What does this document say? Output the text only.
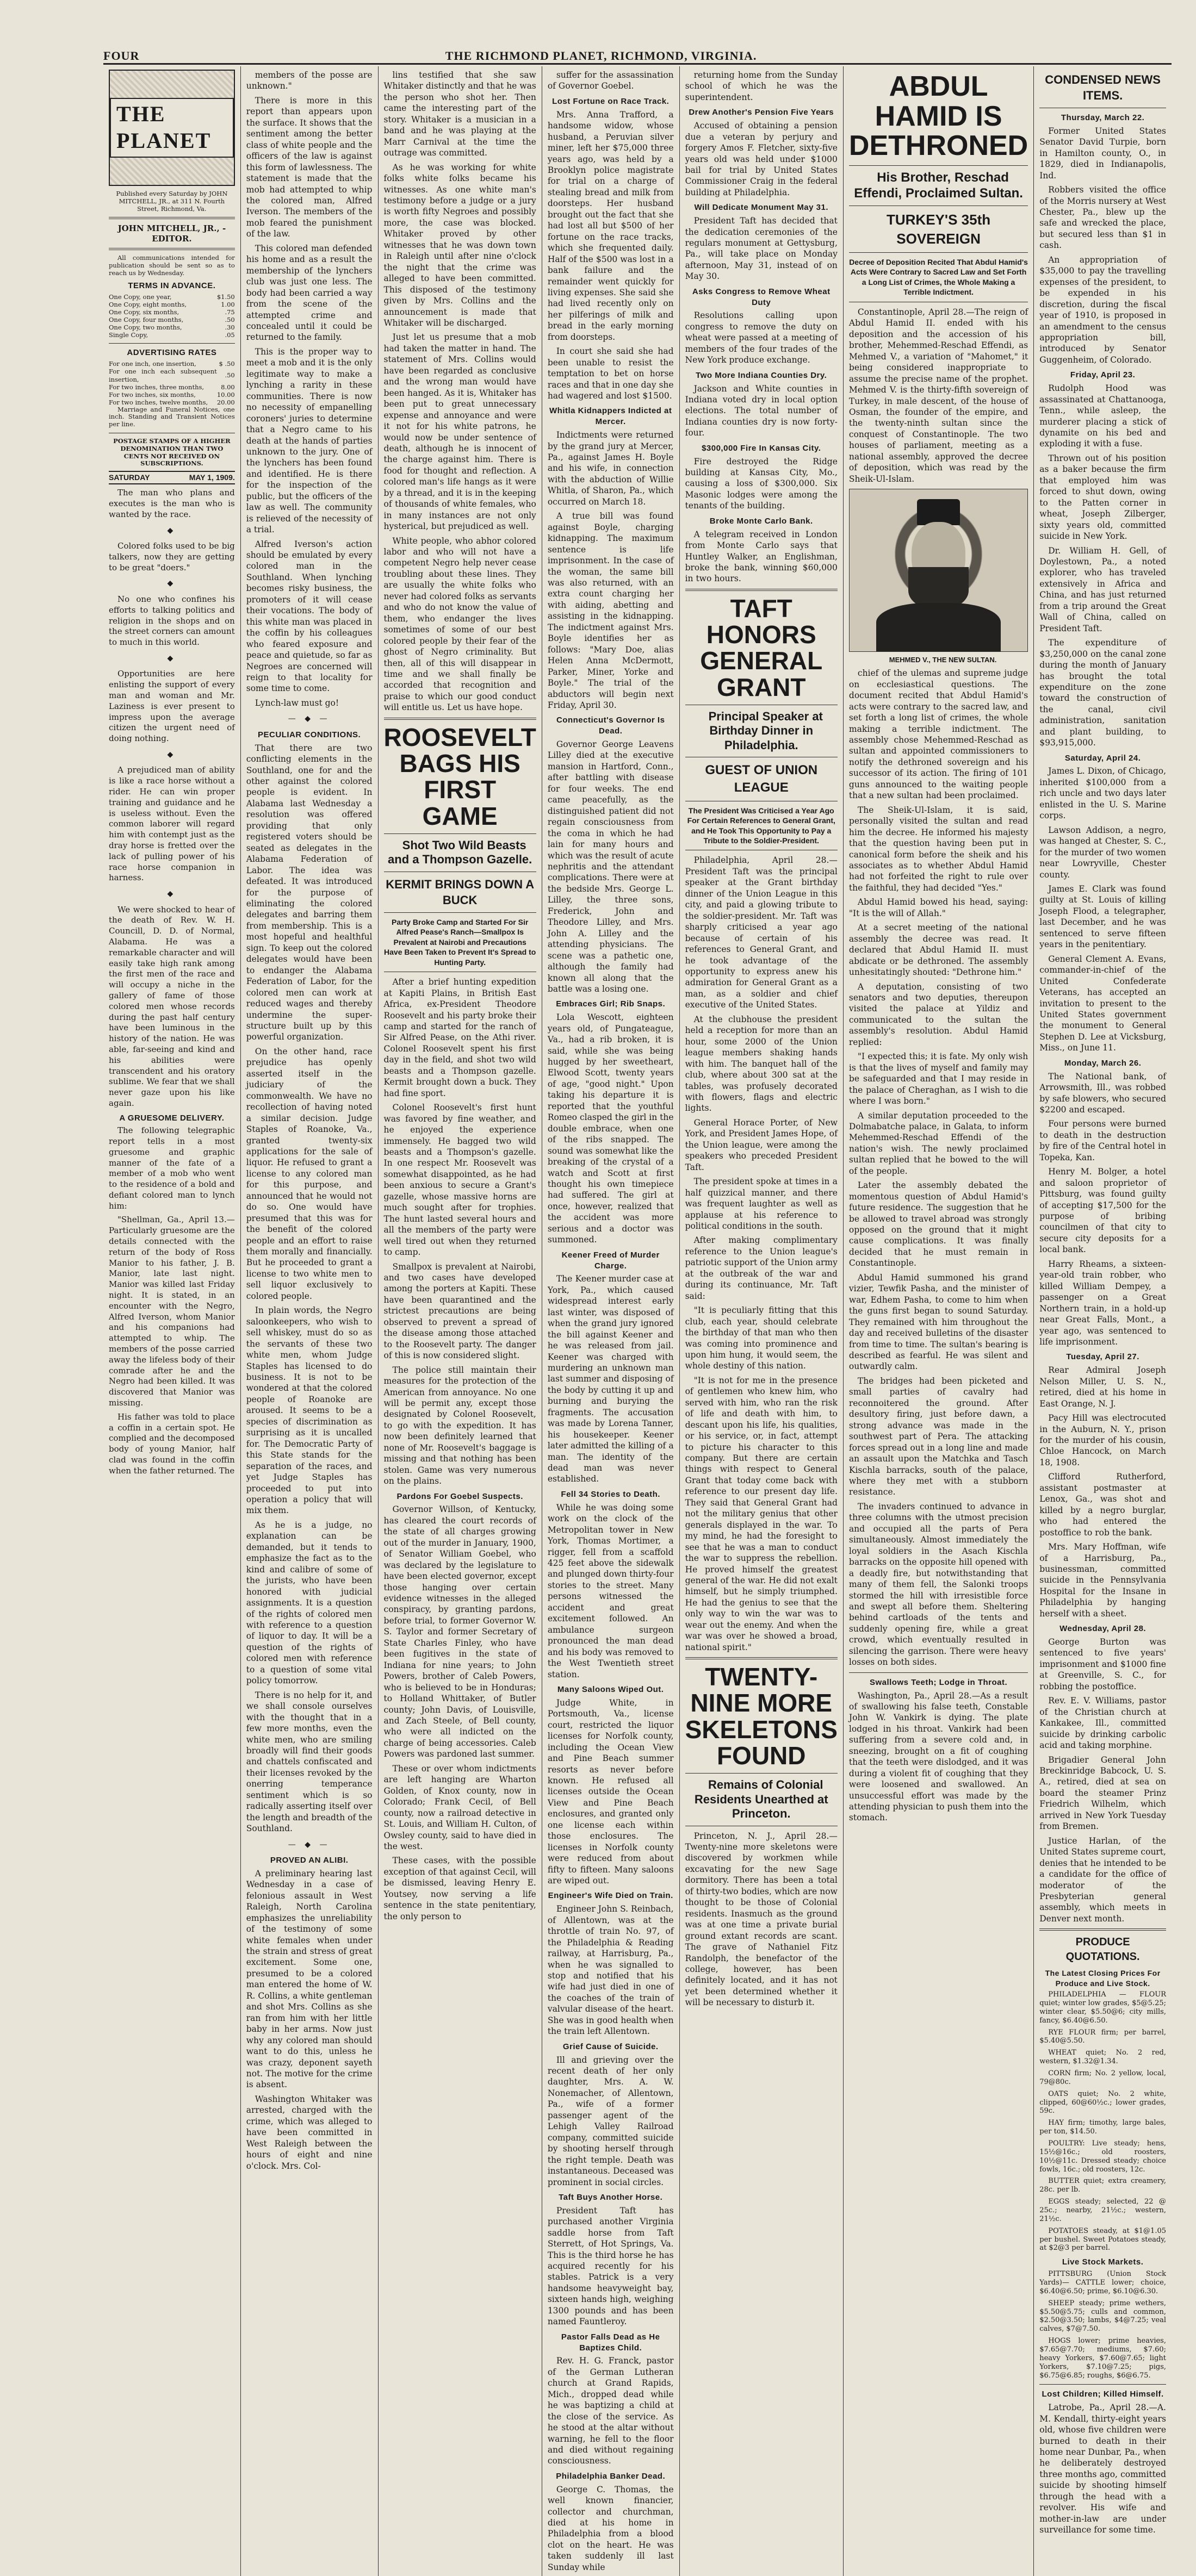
FOUR	THE RICHMOND PLANET, RICHMOND, VIRGINIA.
THE PLANET

Published every Saturday by JOHN MITCHELL, JR., at 311 N. Fourth Street, Richmond, Va.

JOHN MITCHELL, JR., - EDITOR.

All communications intended for publication should be sent so as to reach us by Wednesday.

TERMS IN ADVANCE.

One Copy, one year,	$1.50
One Copy, eight months,	1.00
One Copy, six months,	.75
One Copy, four months,	.50
One Copy, two months,	.30
Single Copy,	.05

ADVERTISING RATES

For one inch, one insertion,	$ .50
For one inch each subsequent insertion,	.50
For two inches, three months,	8.00
For two inches, six months,	10.00
For two inches, twelve months,	20.00

Marriage and Funeral Notices, one inch. Standing and Transient Notices per line.

POSTAGE STAMPS OF A HIGHER DENOMINATION THAN TWO CENTS NOT RECEIVED ON SUBSCRIPTIONS.

SATURDAY	MAY 1, 1909.

The man who plans and executes is the man who is wanted by the race.

◆

Colored folks used to be big talkers, now they are getting to be great "doers."

◆

No one who confines his efforts to talking politics and religion in the shops and on the street corners can amount to much in this world.

◆

Opportunities are here enlisting the support of every man and woman and Mr. Laziness is ever present to impress upon the average citizen the urgent need of doing nothing.

◆

A prejudiced man of ability is like a race horse without a rider. He can win proper training and guidance and he is useless without. Even the common laborer will regard him with contempt just as the dray horse is fretted over the lack of pulling power of his race horse companion in harness.

◆

We were shocked to hear of the death of Rev. W. H. Councill, D. D. of Normal, Alabama. He was a remarkable character and will easily take high rank among the first men of the race and will occupy a niche in the gallery of fame of those colored men whose records during the past half century have been luminous in the history of the nation. He was able, far-seeing and kind and his abilities were transcendent and his oratory sublime. We fear that we shall never gaze upon his like again.

A GRUESOME DELIVERY.

The following telegraphic report tells in a most gruesome and graphic manner of the fate of a member of a mob who went to the residence of a bold and defiant colored man to lynch him:

"Shellman, Ga., April 13.—Particularly gruesome are the details connected with the return of the body of Ross Manior to his father, J. B. Manior, late last night. Manior was killed last Friday night. It is stated, in an encounter with the Negro, Alfred Iverson, whom Manior and his companions had attempted to whip. The members of the posse carried away the lifeless body of their comrade after he and the Negro had been killed. It was discovered that Manior was missing.

His father was told to place a coffin in a certain spot. He complied and the decomposed body of young Manior, half clad was found in the coffin when the father returned. The

members of the posse are unknown."

There is more in this report than appears upon the surface. It shows that the sentiment among the better class of white people and the officers of the law is against this form of lawlessness. The statement is made that the mob had attempted to whip the colored man, Alfred Iverson. The members of the mob feared the punishment of the law.

This colored man defended his home and as a result the membership of the lynchers club was just one less. The body had been carried a way from the scene of the attempted crime and concealed until it could be returned to the family.

This is the proper way to meet a mob and it is the only legitimate way to make a lynching a rarity in these communities. There is now no necessity of empanelling coroners' juries to determine that a Negro came to his death at the hands of parties unknown to the jury. One of the lynchers has been found and identified. He is there for the inspection of the public, but the officers of the law as well. The community is relieved of the necessity of a trial.

Alfred Iverson's action should be emulated by every colored man in the Southland. When lynching becomes risky business, the promoters of it will cease their vocations. The body of this white man was placed in the coffin by his colleagues who feared exposure and peace and quietude, so far as Negroes are concerned will reign to that locality for some time to come.

Lynch-law must go!

— ◆ —

PECULIAR CONDITIONS.

That there are two conflicting elements in the Southland, one for and the other against the colored people is evident. In Alabama last Wednesday a resolution was offered providing that only registered voters should be seated as delegates in the Alabama Federation of Labor. The idea was defeated. It was introduced for the purpose of eliminating the colored delegates and barring them from membership. This is a most hopeful and healthful sign. To keep out the colored delegates would have been to endanger the Alabama Federation of Labor, for the colored men can work at reduced wages and thereby undermine the super-structure built up by this powerful organization.

On the other hand, race prejudice has openly asserted itself in the judiciary of the commonwealth. We have no recollection of having noted a similar decision. Judge Staples of Roanoke, Va., granted twenty-six applications for the sale of liquor. He refused to grant a license to any colored man for this purpose, and announced that he would not do so. One would have presumed that this was for the benefit of the colored people and an effort to raise them morally and financially. But he proceeded to grant a license to two white men to sell liquor exclusively to colored people.

In plain words, the Negro saloonkeepers, who wish to sell whiskey, must do so as the servants of these two white men, whom Judge Staples has licensed to do business. It is not to be wondered at that the colored people of Roanoke are aroused. It seems to be a species of discrimination as surprising as it is uncalled for. The Democratic Party of this State stands for the separation of the races, and yet Judge Staples has proceeded to put into operation a policy that will mix them.

As he is a judge, no explanation can be demanded, but it tends to emphasize the fact as to the kind and calibre of some of the jurists, who have been honored with judicial assignments. It is a question of the rights of colored men with reference to a question of liquor to day. It will be a question of the rights of colored men with reference to a question of some vital policy tomorrow.

There is no help for it, and we shall console ourselves with the thought that in a few more months, even the white men, who are smiling broadly will find their goods and chattels confiscated and their licenses revoked by the onerring temperance sentiment which is so radically asserting itself over the length and breadth of the Southland.

— ◆ —

PROVED AN ALIBI.

A preliminary hearing last Wednesday in a case of felonious assault in West Raleigh, North Carolina emphasizes the unreliability of the testimony of some white females when under the strain and stress of great excitement. Some one, presumed to be a colored man entered the home of W. R. Collins, a white gentleman and shot Mrs. Collins as she ran from him with her little baby in her arms. Now just why any colored man should want to do this, unless he was crazy, deponent sayeth not. The motive for the crime is absent.

Washington Whitaker was arrested, charged with the crime, which was alleged to have been committed in West Raleigh between the hours of eight and nine o'clock. Mrs. Col-

lins testified that she saw Whitaker distinctly and that he was the person who shot her. Then came the interesting part of the story. Whitaker is a musician in a band and he was playing at the Marr Carnival at the time the outrage was committed.

As he was working for white folks white folks became his witnesses. As one white man's testimony before a judge or a jury is worth fifty Negroes and possibly more, the case was blocked. Whitaker proved by other witnesses that he was down town in Raleigh until after nine o'clock the night that the crime was alleged to have been committed. This disposed of the testimony given by Mrs. Collins and the announcement is made that Whitaker will be discharged.

Just let us presume that a mob had taken the matter in hand. The statement of Mrs. Collins would have been regarded as conclusive and the wrong man would have been hanged. As it is, Whitaker has been put to great unnecessary expense and annoyance and were it not for his white patrons, he would now be under sentence of death, although he is innocent of the charge against him. There is food for thought and reflection. A colored man's life hangs as it were by a thread, and it is in the keeping of thousands of white females, who in many instances are not only hysterical, but prejudiced as well.

White people, who abhor colored labor and who will not have a competent Negro help never cease troubling about these lines. They are usually the white folks who never had colored folks as servants and who do not know the value of them, who endanger the lives sometimes of some of our best colored people by their fear of the ghost of Negro criminality. But then, all of this will disappear in time and we shall finally be accorded that recognition and praise to which our good conduct will entitle us. Let us have hope.

ROOSEVELT BAGS HIS FIRST GAME

Shot Two Wild Beasts and a Thompson Gazelle.

KERMIT BRINGS DOWN A BUCK

Party Broke Camp and Started For Sir Alfred Pease's Ranch—Smallpox Is Prevalent at Nairobi and Precautions Have Been Taken to Prevent It's Spread to Hunting Party.

After a brief hunting expedition at Kapiti Plains, in British East Africa, ex-President Theodore Roosevelt and his party broke their camp and started for the ranch of Sir Alfred Pease, on the Athi river. Colonel Roosevelt spent his first day in the field, and shot two wild beasts and a Thompson gazelle. Kermit brought down a buck. They had fine sport.

Colonel Roosevelt's first hunt was favored by fine weather, and he enjoyed the experience immensely. He bagged two wild beasts and a Thompson's gazelle. In one respect Mr. Roosevelt was somewhat disappointed, as he had been anxious to secure a Grant's gazelle, whose massive horns are much sought after for trophies. The hunt lasted several hours and all the members of the party were well tired out when they returned to camp.

Smallpox is prevalent at Nairobi, and two cases have developed among the porters at Kapiti. These have been quarantined and the strictest precautions are being observed to prevent a spread of the disease among those attached to the Roosevelt party. The danger of this is now considered slight.

The police still maintain their measures for the protection of the American from annoyance. No one will be permit any, except those designated by Colonel Roosevelt, to go with the expedition. It has now been definitely learned that none of Mr. Roosevelt's baggage is missing and that nothing has been stolen. Game was very numerous on the plains.

Pardons For Goebel Suspects.

Governor Willson, of Kentucky, has cleared the court records of the state of all charges growing out of the murder in January, 1900, of Senator William Goebel, who was declared by the legislature to have been elected governor, except those hanging over certain evidence witnesses in the alleged conspiracy, by granting pardons, before trial, to former Governor W. S. Taylor and former Secretary of State Charles Finley, who have been fugitives in the state of Indiana for nine years; to John Powers, brother of Caleb Powers, who is believed to be in Honduras; to Holland Whittaker, of Butler county; John Davis, of Louisville, and Zach Steele, of Bell county, who were all indicted on the charge of being accessories. Caleb Powers was pardoned last summer.

These or over whom indictments are left hanging are Wharton Golden, of Knox county, now in Colorado; Frank Cecil, of Bell county, now a railroad detective in St. Louis, and William H. Culton, of Owsley county, said to have died in the west.

These cases, with the possible exception of that against Cecil, will be dismissed, leaving Henry E. Youtsey, now serving a life sentence in the state penitentiary, the only person to

suffer for the assassination of Governor Goebel.

Lost Fortune on Race Track.

Mrs. Anna Trafford, a handsome widow, whose husband, a Peruvian silver miner, left her $75,000 three years ago, was held by a Brooklyn police magistrate for trial on a charge of stealing bread and milk from doorsteps. Her husband brought out the fact that she had lost all but $500 of her fortune on the race tracks, which she frequented daily. Half of the $500 was lost in a bank failure and the remainder went quickly for living expenses. She said she had lived recently only on her pilferings of milk and bread in the early morning from doorsteps.

In court she said she had been unable to resist the temptation to bet on horse races and that in one day she had wagered and lost $1500.

Whitla Kidnappers Indicted at Mercer.

Indictments were returned by the grand jury at Mercer, Pa., against James H. Boyle and his wife, in connection with the abduction of Willie Whitla, of Sharon, Pa., which occurred on March 18.

A true bill was found against Boyle, charging kidnapping. The maximum sentence is life imprisonment. In the case of the woman, the same bill was also returned, with an extra count charging her with aiding, abetting and assisting in the kidnapping. The indictment against Mrs. Boyle identifies her as follows: "Mary Doe, alias Helen Anna McDermott, Parker, Miner, Yorke and Boyle." The trial of the abductors will begin next Friday, April 30.

Connecticut's Governor Is Dead.

Governor George Leavens Lilley died at the executive mansion in Hartford, Conn., after battling with disease for four weeks. The end came peacefully, as the distinguished patient did not regain consciousness from the coma in which he had lain for many hours and which was the result of acute nephritis and the attendant complications. There were at the bedside Mrs. George L. Lilley, the three sons, Frederick, John and Theodore Lilley, and Mrs. John A. Lilley and the attending physicians. The scene was a pathetic one, although the family had known all along that the battle was a losing one.

Embraces Girl; Rib Snaps.

Lola Wescott, eighteen years old, of Pungateague, Va., had a rib broken, it is said, while she was being hugged by her sweetheart, Elwood Scott, twenty years of age, "good night." Upon taking his departure it is reported that the youthful Romeo clasped the girl in the double embrace, when one of the ribs snapped. The sound was somewhat like the breaking of the crystal of a watch and Scott at first thought his own timepiece had suffered. The girl at once, however, realized that the accident was more serious and a doctor was summoned.

Keener Freed of Murder Charge.

The Keener murder case at York, Pa., which caused widespread interest early last winter, was disposed of when the grand jury ignored the bill against Keener and he was released from jail. Keener was charged with murdering an unknown man last summer and disposing of the body by cutting it up and burning and burying the fragments. The accusation was made by Lorena Tanner, his housekeeper. Keener later admitted the killing of a man. The identity of the dead man was never established.

Fell 34 Stories to Death.

While he was doing some work on the clock of the Metropolitan tower in New York, Thomas Mortimer, a rigger, fell from a scaffold 425 feet above the sidewalk and plunged down thirty-four stories to the street. Many persons witnessed the accident and great excitement followed. An ambulance surgeon pronounced the man dead and his body was removed to the West Twentieth street station.

Many Saloons Wiped Out.

Judge White, in Portsmouth, Va., license court, restricted the liquor licenses for Norfolk county, including the Ocean View and Pine Beach summer resorts as never before known. He refused all licenses outside the Ocean View and Pine Beach enclosures, and granted only one license each within those enclosures. The licenses in Norfolk county were reduced from about fifty to fifteen. Many saloons are wiped out.

Engineer's Wife Died on Train.

Engineer John S. Reinbach, of Allentown, was at the throttle of train No. 97, of the Philadelphia & Reading railway, at Harrisburg, Pa., when he was signalled to stop and notified that his wife had just died in one of the coaches of the train of valvular disease of the heart. She was in good health when the train left Allentown.

Grief Cause of Suicide.

Ill and grieving over the recent death of her only daughter, Mrs. A. W. Nonemacher, of Allentown, Pa., wife of a former passenger agent of the Lehigh Valley Railroad company, committed suicide by shooting herself through the right temple. Death was instantaneous. Deceased was prominent in social circles.

Taft Buys Another Horse.

President Taft has purchased another Virginia saddle horse from Taft Sterrett, of Hot Springs, Va. This is the third horse he has acquired recently for his stables. Patrick is a very handsome heavyweight bay, sixteen hands high, weighing 1300 pounds and has been named Fauntleroy.

Pastor Falls Dead as He Baptizes Child.

Rev. H. G. Franck, pastor of the German Lutheran church at Grand Rapids, Mich., dropped dead while he was baptizing a child at the close of the service. As he stood at the altar without warning, he fell to the floor and died without regaining consciousness.

Philadelphia Banker Dead.

George C. Thomas, the well known financier, collector and churchman, died at his home in Philadelphia from a blood clot on the heart. He was taken suddenly ill last Sunday while

returning home from the Sunday school of which he was the superintendent.

Drew Another's Pension Five Years

Accused of obtaining a pension due a veteran by perjury and forgery Amos F. Fletcher, sixty-five years old was held under $1000 bail for trial by United States Commissioner Craig in the federal building at Philadelphia.

Will Dedicate Monument May 31.

President Taft has decided that the dedication ceremonies of the regulars monument at Gettysburg, Pa., will take place on Monday afternoon, May 31, instead of on May 30.

Asks Congress to Remove Wheat Duty

Resolutions calling upon congress to remove the duty on wheat were passed at a meeting of members of the four trades of the New York produce exchange.

Two More Indiana Counties Dry.

Jackson and White counties in Indiana voted dry in local option elections. The total number of Indiana counties dry is now forty-four.

$300,000 Fire In Kansas City.

Fire destroyed the Ridge building at Kansas City, Mo., causing a loss of $300,000. Six Masonic lodges were among the tenants of the building.

Broke Monte Carlo Bank.

A telegram received in London from Monte Carlo says that Huntley Walker, an Englishman, broke the bank, winning $60,000 in two hours.

TAFT HONORS GENERAL GRANT

Principal Speaker at Birthday Dinner in Philadelphia.

GUEST OF UNION LEAGUE

The President Was Criticised a Year Ago For Certain References to General Grant, and He Took This Opportunity to Pay a Tribute to the Soldier-President.

Philadelphia, April 28.—President Taft was the principal speaker at the Grant birthday dinner of the Union League in this city, and paid a glowing tribute to the soldier-president. Mr. Taft was sharply criticised a year ago because of certain of his references to General Grant, and he took advantage of the opportunity to express anew his admiration for General Grant as a man, as a soldier and chief executive of the United States.

At the clubhouse the president held a reception for more than an hour, some 2000 of the Union league members shaking hands with him. The banquet hall of the club, where about 300 sat at the tables, was profusely decorated with flowers, flags and electric lights.

General Horace Porter, of New York, and President James Hope, of the Union league, were among the speakers who preceded President Taft.

The president spoke at times in a half quizzical manner, and there was frequent laughter as well as applause at his reference to political conditions in the south.

After making complimentary reference to the Union league's patriotic support of the Union army at the outbreak of the war and during its continuance, Mr. Taft said:

"It is peculiarly fitting that this club, each year, should celebrate the birthday of that man who then was coming into prominence and upon him hung, it would seem, the whole destiny of this nation.

"It is not for me in the presence of gentlemen who knew him, who served with him, who ran the risk of life and death with him, to descant upon his life, his qualities, or his service, or, in fact, attempt to picture his character to this company. But there are certain things with respect to General Grant that today come back with reference to our present day life. They said that General Grant had not the military genius that other generals displayed in the war. To my mind, he had the foresight to see that he was a man to conduct the war to suppress the rebellion. He proved himself the greatest general of the war. He did not exalt himself, but he simply triumphed. He had the genius to see that the only way to win the war was to wear out the enemy. And when the war was over he showed a broad, national spirit."

TWENTY-NINE MORE SKELETONS FOUND

Remains of Colonial Residents Unearthed at Princeton.

Princeton, N. J., April 28.—Twenty-nine more skeletons were discovered by workmen while excavating for the new Sage dormitory. There has been a total of thirty-two bodies, which are now thought to be those of Colonial residents. Inasmuch as the ground was at one time a private burial ground extant records are scant. The grave of Nathaniel Fitz Randolph, the benefactor of the college, however, has been definitely located, and it has not yet been determined whether it will be necessary to disturb it.

ABDUL HAMID IS DETHRONED

His Brother, Reschad Effendi, Proclaimed Sultan.

TURKEY'S 35th SOVEREIGN

Decree of Deposition Recited That Abdul Hamid's Acts Were Contrary to Sacred Law and Set Forth a Long List of Crimes, the Whole Making a Terrible Indictment.

Constantinople, April 28.—The reign of Abdul Hamid II. ended with his deposition and the accession of his brother, Mehemmed-Reschad Effendi, as Mehmed V., a variation of "Mahomet," it being considered inappropriate to assume the precise name of the prophet. Mehmed V. is the thirty-fifth sovereign of Turkey, in male descent, of the house of Osman, the founder of the empire, and the twenty-ninth sultan since the conquest of Constantinople. The two houses of parliament, meeting as a national assembly, approved the decree of deposition, which was read by the Sheik-Ul-Islam.

MEHMED V., THE NEW SULTAN.

chief of the ulemas and supreme judge on ecclesiastical questions. The document recited that Abdul Hamid's acts were contrary to the sacred law, and set forth a long list of crimes, the whole making a terrible indictment. The assembly chose Mehemmed-Reschad as sultan and appointed commissioners to notify the dethroned sovereign and his successor of its action. The firing of 101 guns announced to the waiting people that a new sultan had been proclaimed.

The Sheik-Ul-Islam, it is said, personally visited the sultan and read him the decree. He informed his majesty that the question having been put in canonical form before the sheik and his associates as to whether Abdul Hamid had not forfeited the right to rule over the faithful, they had decided "Yes."

Abdul Hamid bowed his head, saying: "It is the will of Allah."

At a secret meeting of the national assembly the decree was read. It declared that Abdul Hamid II. must abdicate or be dethroned. The assembly unhesitatingly shouted: "Dethrone him."

A deputation, consisting of two senators and two deputies, thereupon visited the palace at Yildiz and communicated to the sultan the assembly's resolution. Abdul Hamid replied:

"I expected this; it is fate. My only wish is that the lives of myself and family may be safeguarded and that I may reside in the palace of Cheraghan, as I wish to die where I was born."

A similar deputation proceeded to the Dolmabatche palace, in Galata, to inform Mehemmed-Reschad Effendi of the nation's wish. The newly proclaimed sultan replied that he bowed to the will of the people.

Later the assembly debated the momentous question of Abdul Hamid's future residence. The suggestion that he be allowed to travel abroad was strongly opposed on the ground that it might cause complications. It was finally decided that he must remain in Constantinople.

Abdul Hamid summoned his grand vizier, Tewfik Pasha, and the minister of war, Edhem Pasha, to come to him when the guns first began to sound Saturday. They remained with him throughout the day and received bulletins of the disaster from time to time. The sultan's bearing is described as fearful. He was silent and outwardly calm.

The bridges had been picketed and small parties of cavalry had reconnoitered the ground. After desultory firing, just before dawn, a strong advance was made in the southwest part of Pera. The attacking forces spread out in a long line and made an assault upon the Matchka and Tasch Kischla barracks, south of the palace, where they met with a stubborn resistance.

The invaders continued to advance in three columns with the utmost precision and occupied all the parts of Pera simultaneously. Almost immediately the loyal soldiers in the Asach Kischla barracks on the opposite hill opened with a deadly fire, but notwithstanding that many of them fell, the Salonki troops stormed the hill with irresistible force and swept all before them. Sheltering behind cartloads of the tents and suddenly opening fire, while a great crowd, which eventually resulted in silencing the garrison. There were heavy losses on both sides.

Swallows Teeth; Lodge in Throat.

Washington, Pa., April 28.—As a result of swallowing his false teeth, Constable John W. Vankirk is dying. The plate lodged in his throat. Vankirk had been suffering from a severe cold and, in sneezing, brought on a fit of coughing that the teeth were dislodged, and it was during a violent fit of coughing that they were loosened and swallowed. An unsuccessful effort was made by the attending physician to push them into the stomach.

CONDENSED NEWS ITEMS.

Thursday, March 22.

Former United States Senator David Turpie, born in Hamilton county, O., in 1829, died in Indianapolis, Ind.

Robbers visited the office of the Morris nursery at West Chester, Pa., blew up the safe and wrecked the place, but secured less than $1 in cash.

An appropriation of $35,000 to pay the travelling expenses of the president, to be expended in his discretion, during the fiscal year of 1910, is proposed in an amendment to the census appropriation bill, introduced by Senator Guggenheim, of Colorado.

Friday, April 23.

Rudolph Hood was assassinated at Chattanooga, Tenn., while asleep, the murderer placing a stick of dynamite on his bed and exploding it with a fuse.

Thrown out of his position as a baker because the firm that employed him was forced to shut down, owing to the Patten corner in wheat, Joseph Zilberger, sixty years old, committed suicide in New York.

Dr. William H. Gell, of Doylestown, Pa., a noted explorer, who has traveled extensively in Africa and China, and has just returned from a trip around the Great Wall of China, called on President Taft.

The expenditure of $3,250,000 on the canal zone during the month of January has brought the total expenditure on the zone toward the construction of the canal, civil administration, sanitation and plant building, to $93,915,000.

Saturday, April 24.

James L. Dixon, of Chicago, inherited $100,000 from a rich uncle and two days later enlisted in the U. S. Marine corps.

Lawson Addison, a negro, was hanged at Chester, S. C., for the murder of two women near Lowryville, Chester county.

James E. Clark was found guilty at St. Louis of killing Joseph Flood, a telegrapher, last December, and he was sentenced to serve fifteen years in the penitentiary.

General Clement A. Evans, commander-in-chief of the United Confederate Veterans, has accepted an invitation to present to the United States government the monument to General Stephen D. Lee at Vicksburg, Miss., on June 11.

Monday, March 26.

The National bank, of Arrowsmith, Ill., was robbed by safe blowers, who secured $2200 and escaped.

Four persons were burned to death in the destruction by fire of the Central hotel in Topeka, Kan.

Henry M. Bolger, a hotel and saloon proprietor of Pittsburg, was found guilty of accepting $17,500 for the purpose of bribing councilmen of that city to secure city deposits for a local bank.

Harry Rheams, a sixteen-year-old train robber, who killed William Dempey, a passenger on a Great Northern train, in a hold-up near Great Falls, Mont., a year ago, was sentenced to life imprisonment.

Tuesday, April 27.

Rear Admiral Joseph Nelson Miller, U. S. N., retired, died at his home in East Orange, N. J.

Pacy Hill was electrocuted in the Auburn, N. Y., prison for the murder of his cousin, Chloe Hancock, on March 18, 1908.

Clifford Rutherford, assistant postmaster at Lenox, Ga., was shot and killed by a negro burglar, who had entered the postoffice to rob the bank.

Mrs. Mary Hoffman, wife of a Harrisburg, Pa., businessman, committed suicide in the Pennsylvania Hospital for the Insane in Philadelphia by hanging herself with a sheet.

Wednesday, April 28.

George Burton was sentenced to five years' imprisonment and $1000 fine at Greenville, S. C., for robbing the postoffice.

Rev. E. V. Williams, pastor of the Christian church at Kankakee, Ill., committed suicide by drinking carbolic acid and taking morphine.

Brigadier General John Breckinridge Babcock, U. S. A., retired, died at sea on board the steamer Prinz Friedrich Wilhelm, which arrived in New York Tuesday from Bremen.

Justice Harlan, of the United States supreme court, denies that he intended to be a candidate for the office of moderator of the Presbyterian general assembly, which meets in Denver next month.

PRODUCE QUOTATIONS.

The Latest Closing Prices For Produce and Live Stock.

PHILADELPHIA — FLOUR quiet; winter low grades, $5@5.25; winter clear, $5.50@6; city mills, fancy, $6.40@6.50.

RYE FLOUR firm; per barrel, $5.40@5.50.

WHEAT quiet; No. 2 red, western, $1.32@1.34.

CORN firm; No. 2 yellow, local, 79@80c.

OATS quiet; No. 2 white, clipped, 60@60½c.; lower grades, 59c.

HAY firm; timothy, large bales, per ton, $14.50.

POULTRY: Live steady; hens, 15½@16c.; old roosters, 10½@11c. Dressed steady; choice fowls, 16c.; old roosters, 12c.

BUTTER quiet; extra creamery, 28c. per lb.

EGGS steady; selected, 22 @ 25c.; nearby, 21½c.; western, 21½c.

POTATOES steady, at $1@1.05 per bushel. Sweet Potatoes steady, at $2@3 per barrel.

Live Stock Markets.

PITTSBURG (Union Stock Yards)— CATTLE lower; choice, $6.40@6.50; prime, $6.10@6.30.

SHEEP steady; prime wethers, $5.50@5.75; culls and common, $2.50@3.50; lambs, $4@7.25; veal calves, $7@7.50.

HOGS lower; prime heavies, $7.65@7.70; mediums, $7.60; heavy Yorkers, $7.60@7.65; light Yorkers, $7.10@7.25; pigs, $6.75@6.85; roughs, $6@6.75.

Lost Children; Killed Himself.

Latrobe, Pa., April 28.—A. M. Kendall, thirty-eight years old, whose five children were burned to death in their home near Dunbar, Pa., when he deliberately destroyed three months ago, committed suicide by shooting himself through the head with a revolver. His wife and mother-in-law are under surveillance for some time.
